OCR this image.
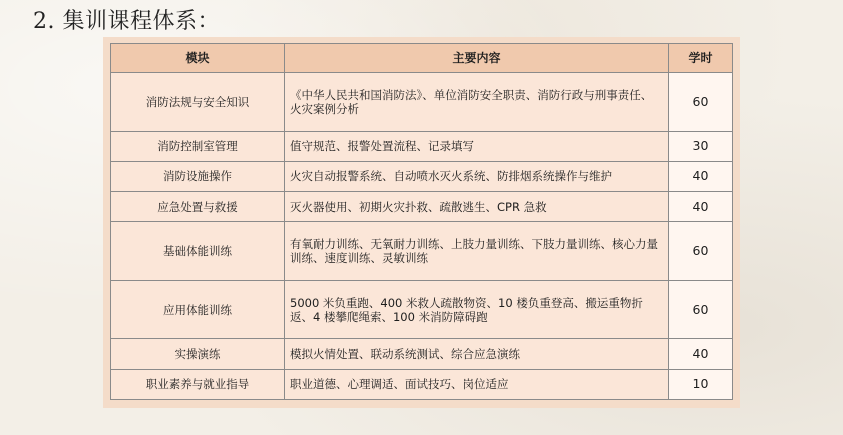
2. 集训课程体系：
模块	主要内容	学时
消防法规与安全知识	《中华人民共和国消防法》、单位消防安全职责、消防行政与刑事责任、火灾案例分析	60
消防控制室管理	值守规范、报警处置流程、记录填写	30
消防设施操作	火灾自动报警系统、自动喷水灭火系统、防排烟系统操作与维护	40
应急处置与救援	灭火器使用、初期火灾扑救、疏散逃生、CPR 急救	40
基础体能训练	有氧耐力训练、无氧耐力训练、上肢力量训练、下肢力量训练、核心力量训练、速度训练、灵敏训练	60
应用体能训练	5000 米负重跑、400 米救人疏散物资、10 楼负重登高、搬运重物折返、4 楼攀爬绳索、100 米消防障碍跑	60
实操演练	模拟火情处置、联动系统测试、综合应急演练	40
职业素养与就业指导	职业道德、心理调适、面试技巧、岗位适应	10
